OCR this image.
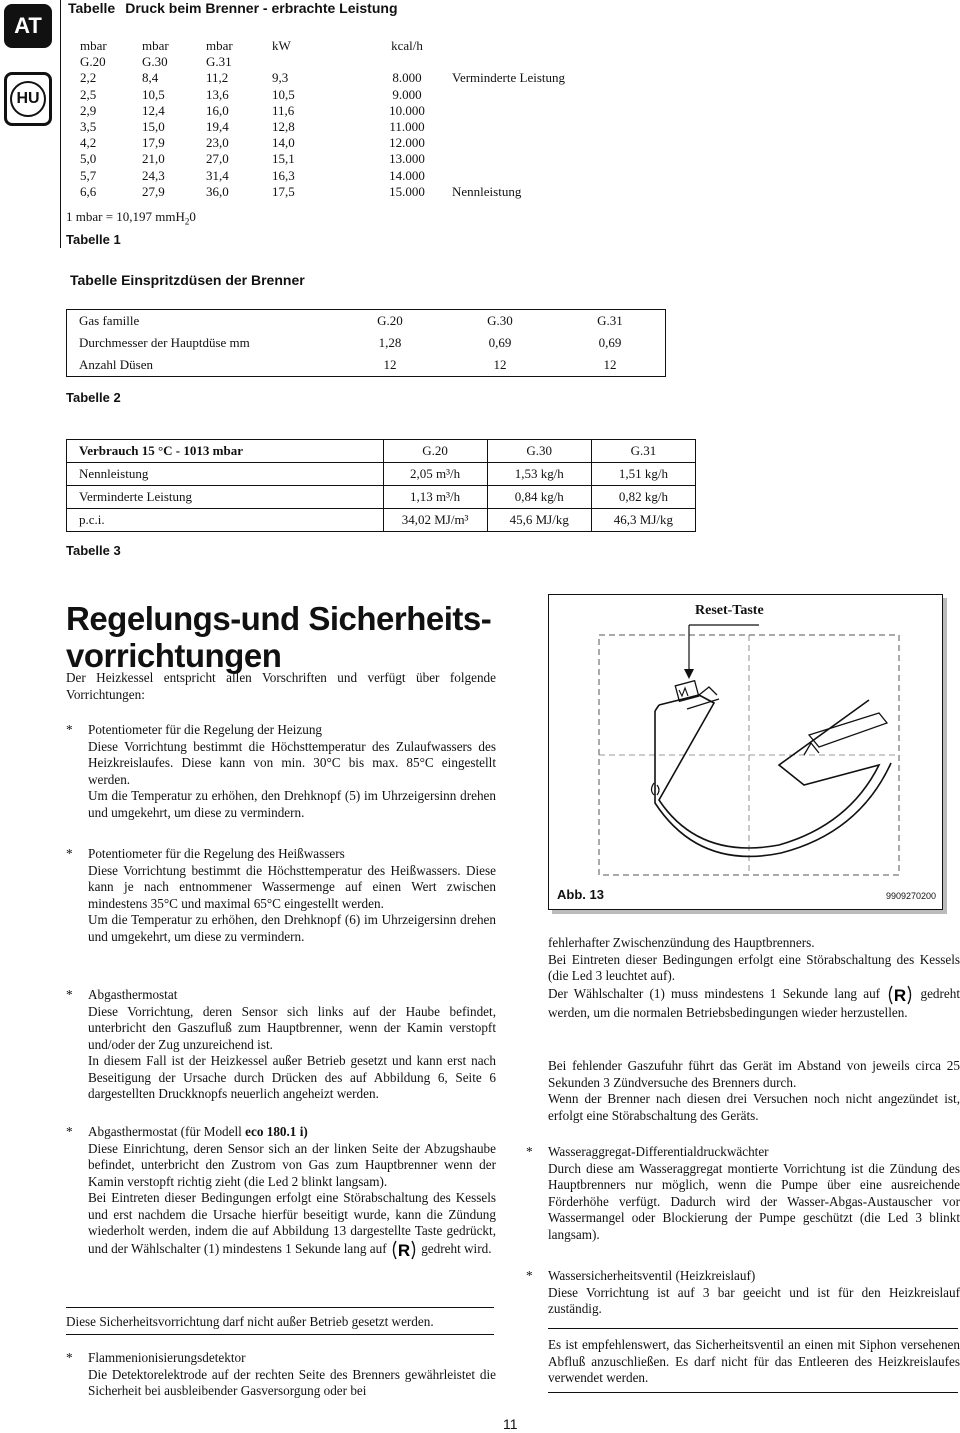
AT
HU
Tabelle Druck beim Brenner - erbrachte Leistung
mbar	mbar	mbar	kW	kcal/h	
G.20	G.30	G.31			
2,2	8,4	11,2	9,3	8.000	Verminderte Leistung
2,5	10,5	13,6	10,5	9.000	
2,9	12,4	16,0	11,6	10.000	
3,5	15,0	19,4	12,8	11.000	
4,2	17,9	23,0	14,0	12.000	
5,0	21,0	27,0	15,1	13.000	
5,7	24,3	31,4	16,3	14.000	
6,6	27,9	36,0	17,5	15.000	Nennleistung
1 mbar = 10,197 mmH$_2$0
Tabelle 1
Tabelle Einspritzdüsen der Brenner
Gas famille	G.20	G.30	G.31
Durchmesser der Hauptdüse mm	1,28	0,69	0,69
Anzahl Düsen	12	12	12
Tabelle 2
Verbrauch 15 °C - 1013 mbar	G.20	G.30	G.31
Nennleistung	2,05 m³/h	1,53 kg/h	1,51 kg/h
Verminderte Leistung	1,13 m³/h	0,84 kg/h	0,82 kg/h
p.c.i.	34,02 MJ/m³	45,6 MJ/kg	46,3 MJ/kg
Tabelle 3
Regelungs-und Sicherheits-
vorrichtungen
Der Heizkessel entspricht allen Vorschriften und verfügt über folgende Vorrichtungen:
* Potentiometer für die Regelung der Heizung

Diese Vorrichtung bestimmt die Höchsttemperatur des Zulaufwassers des Heizkreislaufes. Diese kann von min. 30°C bis max. 85°C eingestellt werden.

Um die Temperatur zu erhöhen, den Drehknopf (5) im Uhrzeigersinn drehen und umgekehrt, um diese zu vermindern.

* Potentiometer für die Regelung des Heißwassers

Diese Vorrichtung bestimmt die Höchsttemperatur des Heißwassers. Diese kann je nach entnommener Wassermenge auf einen Wert zwischen mindestens 35°C und maximal 65°C eingestellt werden.

Um die Temperatur zu erhöhen, den Drehknopf (6) im Uhrzeigersinn drehen und umgekehrt, um diese zu vermindern.

* Abgasthermostat

Diese Vorrichtung, deren Sensor sich links auf der Haube befindet, unterbricht den Gaszufluß zum Hauptbrenner, wenn der Kamin verstopft und/oder der Zug unzureichend ist.

In diesem Fall ist der Heizkessel außer Betrieb gesetzt und kann erst nach Beseitigung der Ursache durch Drücken des auf Abbildung 6, Seite 6 dargestellten Druckknopfs neuerlich angeheizt werden.

* Abgasthermostat (für Modell eco 180.1 i)

Diese Einrichtung, deren Sensor sich an der linken Seite der Abzugshaube befindet, unterbricht den Zustrom von Gas zum Hauptbrenner wenn der Kamin verstopft richtig zieht (die Led 2 blinkt langsam).

Bei Eintreten dieser Bedingungen erfolgt eine Störabschaltung des Kessels und erst nachdem die Ursache hierfür beseitigt wurde, kann die Zündung wiederholt werden, indem die auf Abbildung 13 dargestellte Taste gedrückt, und der Wählschalter (1) mindestens 1 Sekunde lang auf R gedreht wird.

Diese Sicherheitsvorrichtung darf nicht außer Betrieb gesetzt werden.
* Flammenionisierungsdetektor

Die Detektorelektrode auf der rechten Seite des Brenners gewährleistet die Sicherheit bei ausbleibender Gasversorgung oder bei

Reset-Taste
Abb. 13	9909270200

fehlerhafter Zwischenzündung des Hauptbrenners.

Bei Eintreten dieser Bedingungen erfolgt eine Störabschaltung des Kessels (die Led 3 leuchtet auf).

Der Wählschalter (1) muss mindestens 1 Sekunde lang auf R gedreht werden, um die normalen Betriebsbedingungen wieder herzustellen.

Bei fehlender Gaszufuhr führt das Gerät im Abstand von jeweils circa 25 Sekunden 3 Zündversuche des Brenners durch.

Wenn der Brenner nach diesen drei Versuchen noch nicht angezündet ist, erfolgt eine Störabschaltung des Geräts.

* Wasseraggregat-Differentialdruckwächter

Durch diese am Wasseraggregat montierte Vorrichtung ist die Zündung des Hauptbrenners nur möglich, wenn die Pumpe über eine ausreichende Förderhöhe verfügt. Dadurch wird der Wasser-Abgas-Austauscher vor Wassermangel oder Blockierung der Pumpe geschützt (die Led 3 blinkt langsam).

* Wassersicherheitsventil (Heizkreislauf)

Diese Vorrichtung ist auf 3 bar geeicht und ist für den Heizkreislauf zuständig.

Es ist empfehlenswert, das Sicherheitsventil an einen mit Siphon versehenen Abfluß anzuschließen. Es darf nicht für das Entleeren des Heizkreislaufes verwendet werden.
11
